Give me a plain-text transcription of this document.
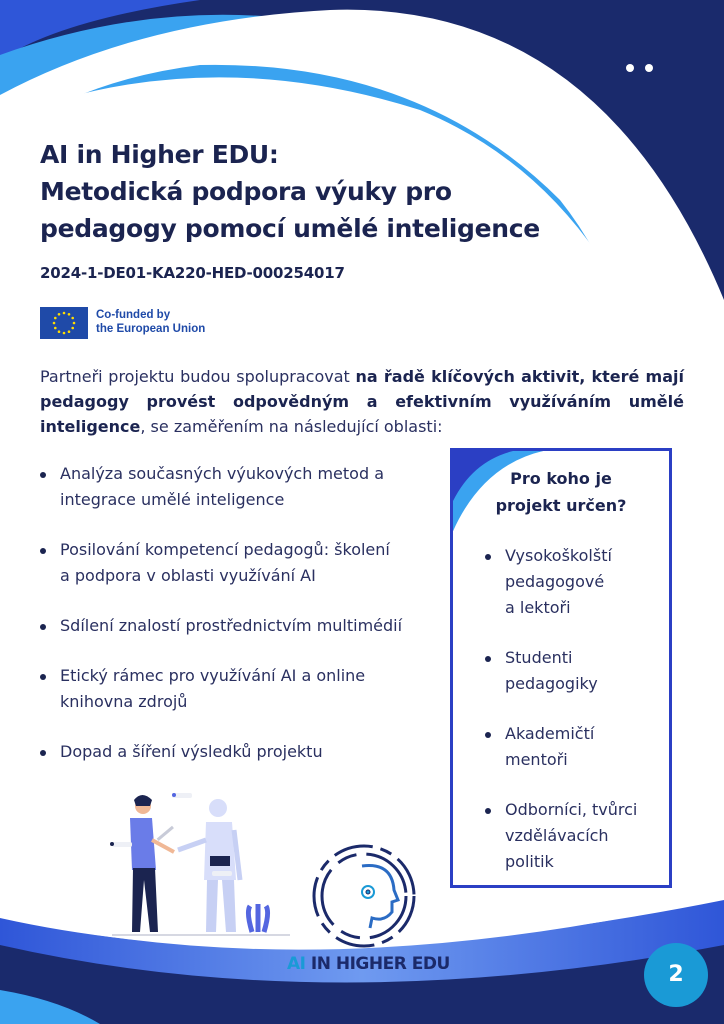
AI in Higher EDU:
Metodická podpora výuky pro
pedagogy pomocí umělé inteligence
2024-1-DE01-KA220-HED-000254017
Co-funded by
the European Union
Partneři projektu budou spolupracovat na řadě klíčových aktivit, které mají pedagogy provést odpovědným a efektivním využíváním umělé inteligence, se zaměřením na následující oblasti:
Analýza současných výukových metod a
integrace umělé inteligence
Posilování kompetencí pedagogů: školení
a podpora v oblasti využívání AI
Sdílení znalostí prostřednictvím multimédií
Etický rámec pro využívání AI a online
knihovna zdrojů
Dopad a šíření výsledků projektu
Pro koho je
projekt určen?
Vysokoškolští
pedagogové
a lektoři
Studenti
pedagogiky
Akademičtí
mentoři
Odborníci, tvůrci
vzdělávacích
politik
AI IN HIGHER EDU	2
